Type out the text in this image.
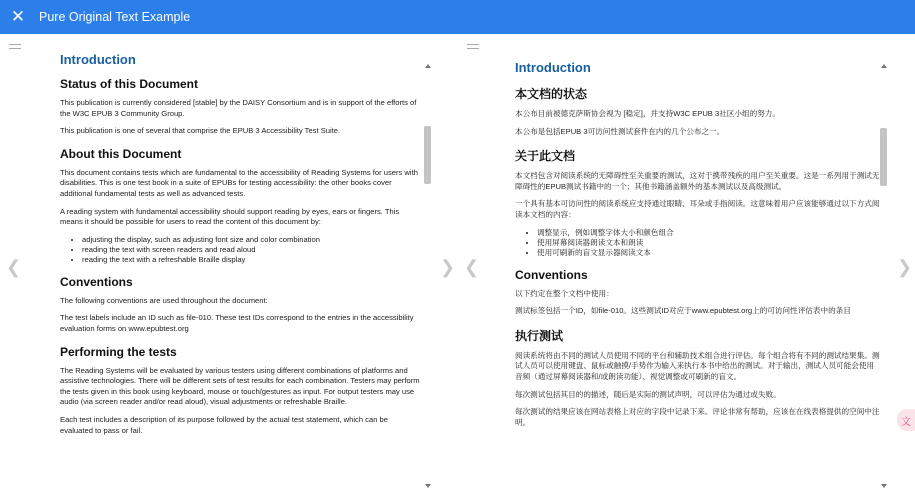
✕ Pure Original Text Example
❮	❯ ❮	❯
Introduction
Status of this Document

This publication is currently considered [stable] by the DAISY Consortium and is in support of the efforts of the W3C EPUB 3 Community Group.

This publication is one of several that comprise the EPUB 3 Accessibility Test Suite.

About this Document

This document contains tests which are fundamental to the accessibility of Reading Systems for users with disabilities. This is one test book in a suite of EPUBs for testing accessibility: the other books cover additional fundamental tests as well as advanced tests.

A reading system with fundamental accessibility should support reading by eyes, ears or fingers. This means it should be possible for users to read the content of this document by:

• adjusting the display, such as adjusting font size and color combination
• reading the text with screen readers and read aloud
• reading the text with a refreshable Braille display
Conventions

The following conventions are used throughout the document:

The test labels include an ID such as file-010. These test IDs correspond to the entries in the accessibility evaluation forms on www.epubtest.org

Performing the tests

The Reading Systems will be evaluated by various testers using different combinations of platforms and assistive technologies. There will be different sets of test results for each combination. Testers may perform the tests given in this book using keyboard, mouse or touch/gestures as input. For output testers may use audio (via screen reader and/or read aloud), visual adjustments or refreshable Braille.

Each test includes a description of its purpose followed by the actual test statement, which can be evaluated to pass or fail.

Introduction
本文档的状态

本公布目前被德克萨斯协会视为 [稳定]，并支持W3C EPUB 3社区小组的努力。

本公布是包括EPUB 3可访问性测试套件在内的几个公布之一。

关于此文档

本文档包含对阅读系统的无障碍性至关重要的测试，这对于携带残疾的用户至关重要。这是一系列用于测试无障碍性的EPUB测试书籍中的一个；其他书籍涵盖额外的基本测试以及高级测试。

一个具有基本可访问性的阅读系统应支持通过眼睛、耳朵或手指阅读。这意味着用户应该能够通过以下方式阅读本文档的内容：

• 调整显示，例如调整字体大小和颜色组合
• 使用屏幕阅读器朗读文本和朗读
• 使用可刷新的盲文显示器阅读文本
Conventions

以下约定在整个文档中使用：

测试标签包括一个ID，如file-010。这些测试ID对应于www.epubtest.org上的可访问性评估表中的条目

执行测试

阅读系统将由不同的测试人员使用不同的平台和辅助技术组合进行评估。每个组合将有不同的测试结果集。测试人员可以使用键盘、鼠标或触摸/手势作为输入来执行本书中给出的测试。对于输出，测试人员可能会使用音频（通过屏幕阅读器和/或朗读功能）、视觉调整或可刷新的盲文。

每次测试包括其目的的描述，随后是实际的测试声明，可以评估为通过或失败。

每次测试的结果应该在网站表格上对应的字段中记录下来。评论非常有帮助，应该在在线表格提供的空间中注明。	文
